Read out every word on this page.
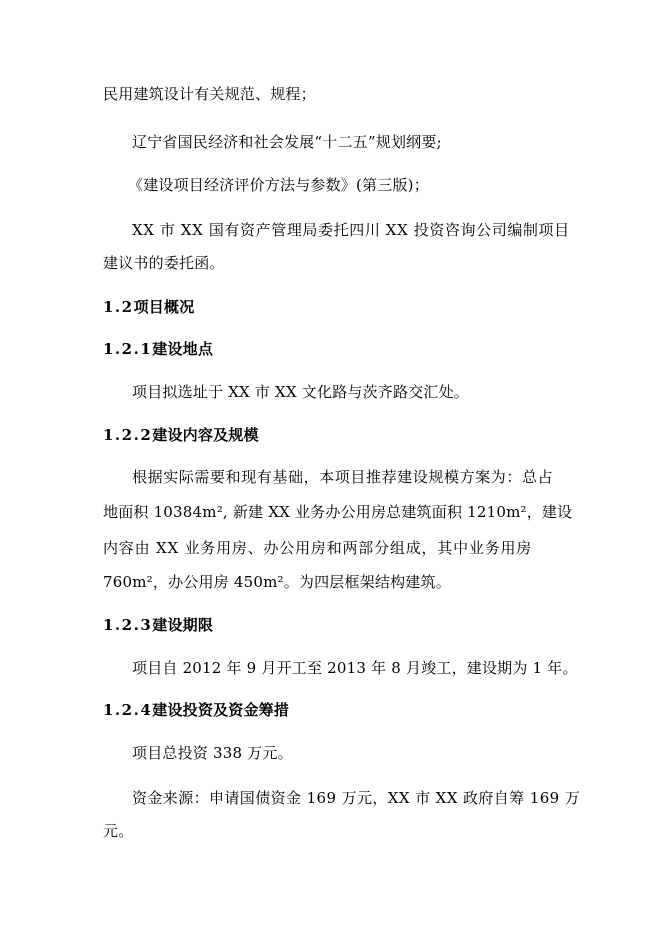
民用建筑设计有关规范、规程；
辽宁省国民经济和社会发展“十二五”规划纲要;
《建设项目经济评价方法与参数》(第三版)；
XX 市 XX 国有资产管理局委托四川 XX 投资咨询公司编制项目
建议书的委托函。
1.2项目概况
1.2.1建设地点
项目拟选址于 XX 市 XX 文化路与茨齐路交汇处。
1.2.2建设内容及规模
根据实际需要和现有基础，本项目推荐建设规模方案为：总占
地面积 10384m², 新建 XX 业务办公用房总建筑面积 1210m²，建设
内容由 XX 业务用房、办公用房和两部分组成，其中业务用房
760m²，办公用房 450m²。为四层框架结构建筑。
1.2.3建设期限
项目自 2012 年 9 月开工至 2013 年 8 月竣工，建设期为 1 年。
1.2.4建设投资及资金筹措
项目总投资 338 万元。
资金来源：申请国债资金 169 万元，XX 市 XX 政府自筹 169 万
元。
